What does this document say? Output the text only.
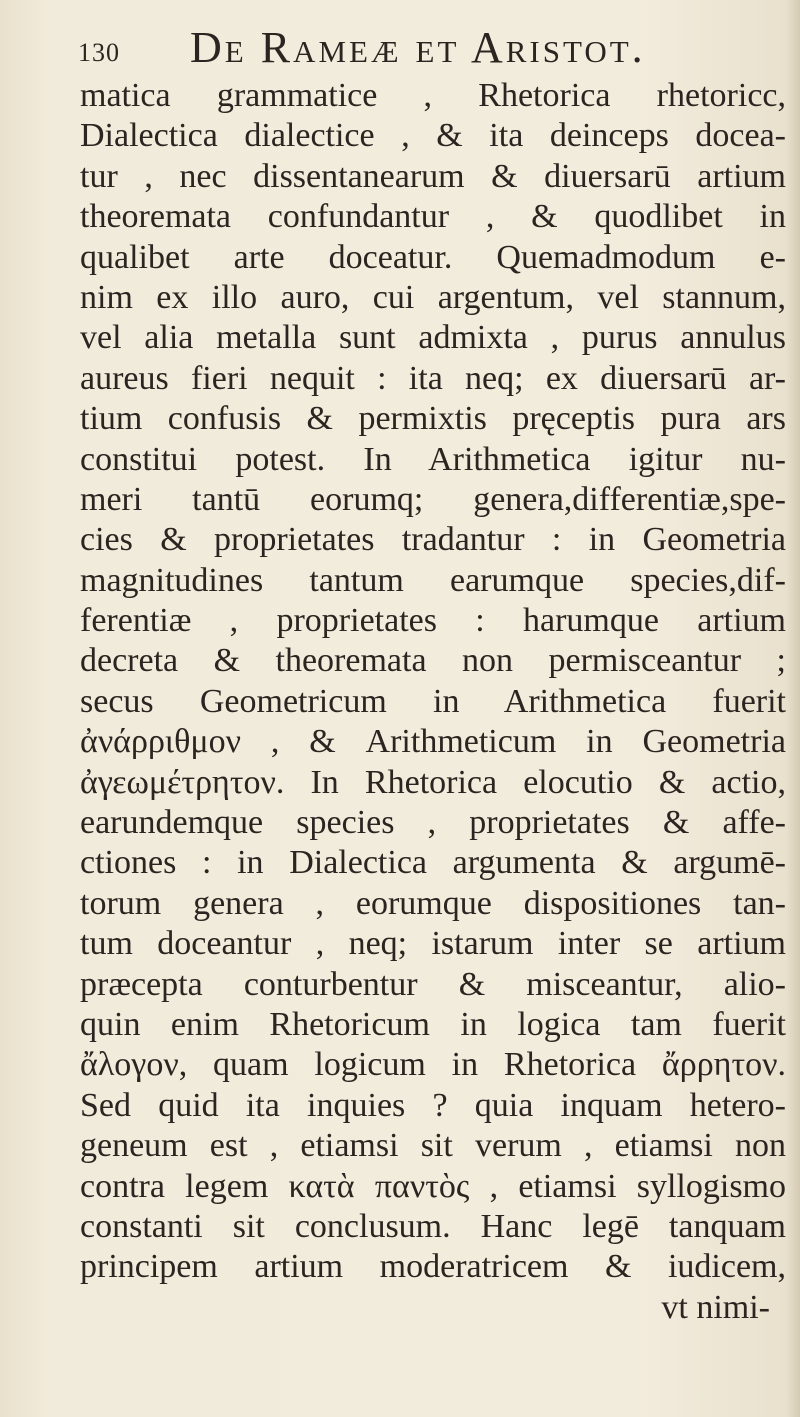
130 De Rameæ et Aristot.
matica grammatice , Rhetorica rhetoricc,
Dialectica dialectice , & ita deinceps docea-
tur , nec dissentanearum & diuersarū artium
theoremata confundantur , & quodlibet in
qualibet arte doceatur. Quemadmodum e-
nim ex illo auro, cui argentum, vel stannum,
vel alia metalla sunt admixta , purus annulus
aureus fieri nequit : ita neq; ex diuersarū ar-
tium confusis & permixtis pręceptis pura ars
constitui potest. In Arithmetica igitur nu-
meri tantū eorumq; genera,differentiæ,spe-
cies & proprietates tradantur : in Geometria
magnitudines tantum earumque species,dif-
ferentiæ , proprietates : harumque artium
decreta & theoremata non permisceantur ;
secus Geometricum in Arithmetica fuerit
ἀνάρριθμον , & Arithmeticum in Geometria
ἀγεωμέτρητον. In Rhetorica elocutio & actio,
earundemque species , proprietates & affe-
ctiones : in Dialectica argumenta & argumē-
torum genera , eorumque dispositiones tan-
tum doceantur , neq; istarum inter se artium
præcepta conturbentur & misceantur, alio-
quin enim Rhetoricum in logica tam fuerit
ἄλογον, quam logicum in Rhetorica ἄρρητον.
Sed quid ita inquies ? quia inquam hetero-
geneum est , etiamsi sit verum , etiamsi non
contra legem κατὰ παντὸς , etiamsi syllogismo
constanti sit conclusum. Hanc legē tanquam
principem artium moderatricem & iudicem,
vt nimi-
